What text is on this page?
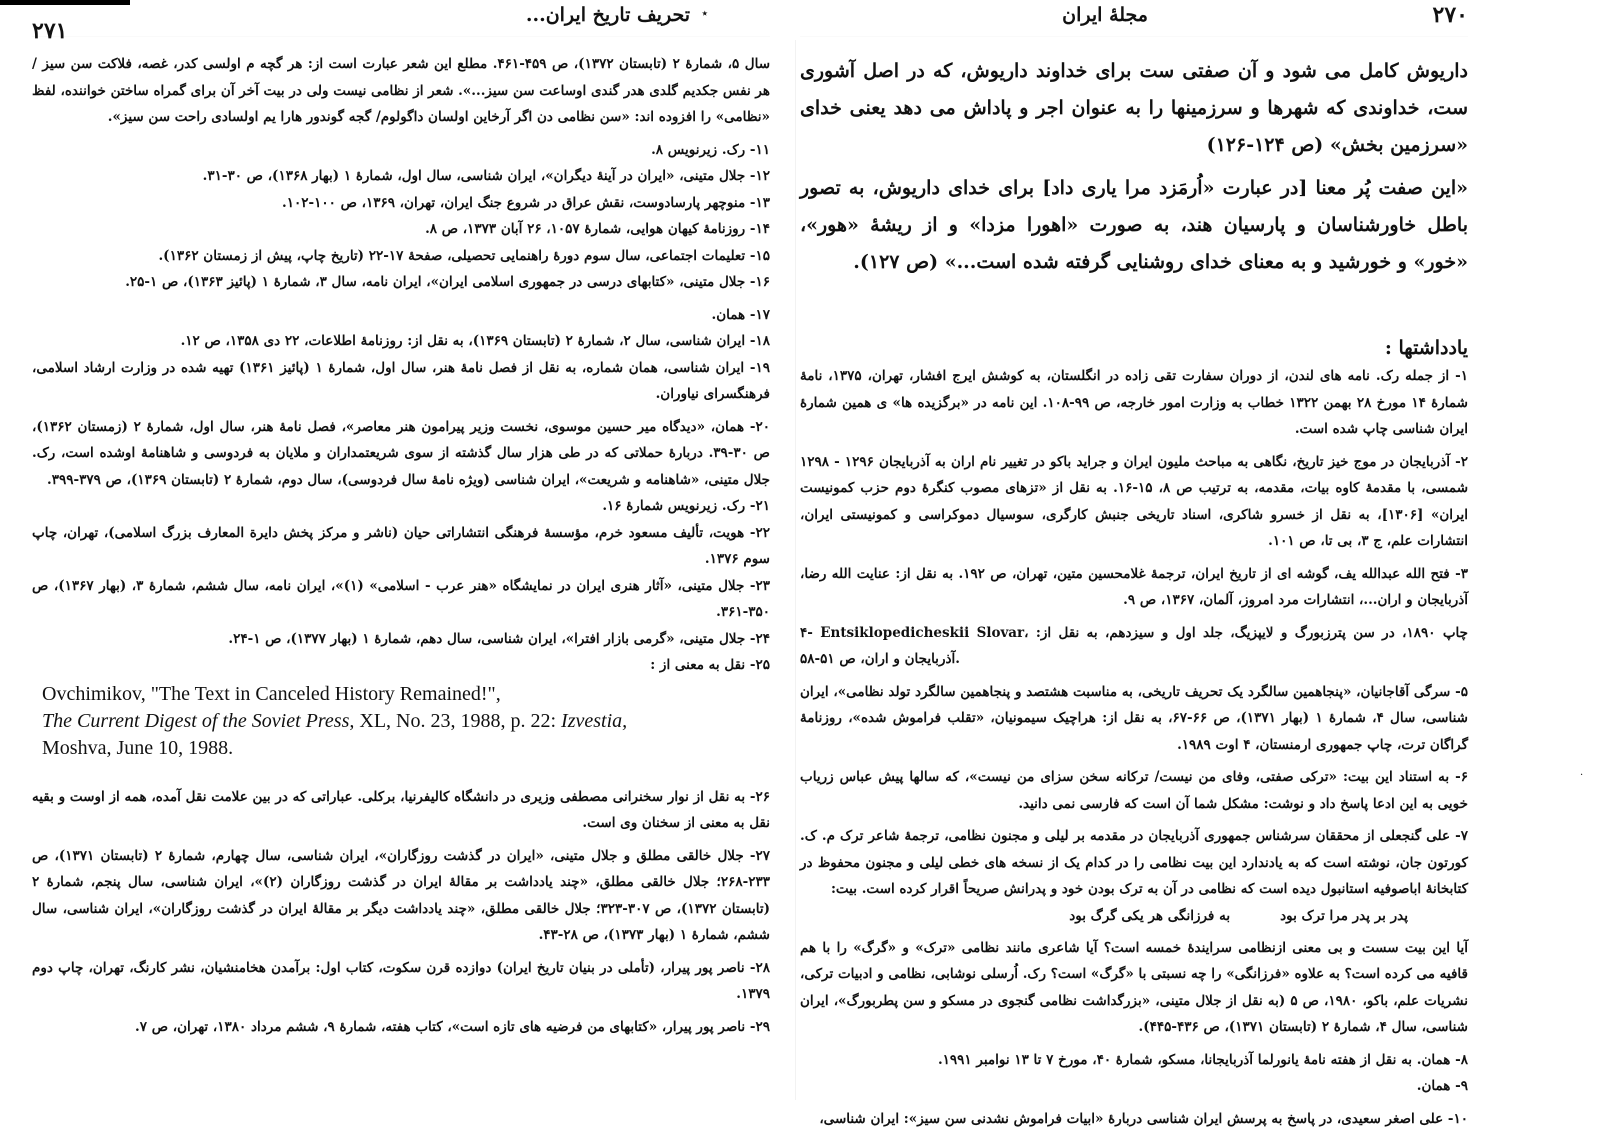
تحریف تاریخ ایران...
۲۷۱

سال ۵، شمارهٔ ۲ (تابستان ۱۳۷۲)، ص ۴۵۹-۴۶۱. مطلع این شعر عبارت است از: هر گچه م اولسی کدر، غصه، فلاکت سن سیز / هر نفس جکدیم گلدی هدر گندی اوساعت سن سیز...». شعر از نظامی نیست ولی در بیت آخر آن برای گمراه ساختن خواننده، لفظ «نظامی» را افزوده اند: «سن نظامی دن اگر آرخاین اولسان داگولوم/ گجه گوندور هارا یم اولسادی راحت سن سیز».

۱۱- رک. زیرنویس ۸.

۱۲- جلال متینی، «ایران در آینهٔ دیگران»، ایران شناسی، سال اول، شمارهٔ ۱ (بهار ۱۳۶۸)، ص ۳۰-۳۱.

۱۳- منوچهر پارسادوست، نقش عراق در شروع جنگ ایران، تهران، ۱۳۶۹، ص ۱۰۰-۱۰۲.

۱۴- روزنامهٔ کیهان هوایی، شمارهٔ ۱۰۵۷، ۲۶ آبان ۱۳۷۳، ص ۸.

۱۵- تعلیمات اجتماعی، سال سوم دورهٔ راهنمایی تحصیلی، صفحهٔ ۱۷-۲۲ (تاریخ چاپ، پیش از زمستان ۱۳۶۲).

۱۶- جلال متینی، «کتابهای درسی در جمهوری اسلامی ایران»، ایران نامه، سال ۳، شمارهٔ ۱ (پائیز ۱۳۶۳)، ص ۱-۲۵.

۱۷- همان.

۱۸- ایران شناسی، سال ۲، شمارهٔ ۲ (تابستان ۱۳۶۹)، به نقل از: روزنامهٔ اطلاعات، ۲۲ دی ۱۳۵۸، ص ۱۲.

۱۹- ایران شناسی، همان شماره، به نقل از فصل نامهٔ هنر، سال اول، شمارهٔ ۱ (پائیز ۱۳۶۱) تهیه شده در وزارت ارشاد اسلامی، فرهنگسرای نیاوران.

۲۰- همان، «دیدگاه میر حسین موسوی، نخست وزیر پیرامون هنر معاصر»، فصل نامهٔ هنر، سال اول، شمارهٔ ۲ (زمستان ۱۳۶۲)، ص ۳۰-۳۹. دربارهٔ حملاتی که در طی هزار سال گذشته از سوی شریعتمداران و ملایان به فردوسی و شاهنامهٔ اوشده است، رک. جلال متینی، «شاهنامه و شریعت»، ایران شناسی (ویژه نامهٔ سال فردوسی)، سال دوم، شمارهٔ ۲ (تابستان ۱۳۶۹)، ص ۳۷۹-۳۹۹.

۲۱- رک. زیرنویس شمارهٔ ۱۶.

۲۲- هویت، تألیف مسعود خرم، مؤسسهٔ فرهنگی انتشاراتی حیان (ناشر و مرکز پخش دایرة المعارف بزرگ اسلامی)، تهران، چاپ سوم ۱۳۷۶.

۲۳- جلال متینی، «آثار هنری ایران در نمایشگاه «هنر عرب - اسلامی» (۱)»، ایران نامه، سال ششم، شمارهٔ ۳، (بهار ۱۳۶۷)، ص ۳۵۰-۳۶۱.

۲۴- جلال متینی، «گرمی بازار افترا»، ایران شناسی، سال دهم، شمارهٔ ۱ (بهار ۱۳۷۷)، ص ۱-۲۴.

۲۵- نقل به معنی از :

Ovchimikov, "The Text in Canceled History Remained!",
The Current Digest of the Soviet Press, XL, No. 23, 1988, p. 22: Izvestia,
Moshva, June 10, 1988.

۲۶- به نقل از نوار سخنرانی مصطفی وزیری در دانشگاه کالیفرنیا، برکلی. عباراتی که در بین علامت نقل آمده، همه از اوست و بقیه نقل به معنی از سخنان وی است.

۲۷- جلال خالقی مطلق و جلال متینی، «ایران در گذشت روزگاران»، ایران شناسی، سال چهارم، شمارهٔ ۲ (تابستان ۱۳۷۱)، ص ۲۳۳-۲۶۸؛ جلال خالقی مطلق، «چند یادداشت بر مقالهٔ ایران در گذشت روزگاران (۲)»، ایران شناسی، سال پنجم، شمارهٔ ۲ (تابستان ۱۳۷۲)، ص ۳۰۷-۳۲۳؛ جلال خالقی مطلق، «چند یادداشت دیگر بر مقالهٔ ایران در گذشت روزگاران»، ایران شناسی، سال ششم، شمارهٔ ۱ (بهار ۱۳۷۳)، ص ۲۸-۴۳.

۲۸- ناصر پور پیرار، (تأملی در بنیان تاریخ ایران) دوازده قرن سکوت، کتاب اول: برآمدن هخامنشیان، نشر کارنگ، تهران، چاپ دوم ۱۳۷۹.

۲۹- ناصر پور پیرار، «کتابهای من فرضیه های تازه است»، کتاب هفته، شمارهٔ ۹، ششم مرداد ۱۳۸۰، تهران، ص ۷.

۲۷۰
مجلهٔ ایران
٭

داریوش کامل می شود و آن صفتی ست برای خداوند داریوش، که در اصل آشوری ست، خداوندی که شهرها و سرزمینها را به عنوان اجر و پاداش می دهد یعنی خدای «سرزمین بخش» (ص ۱۲۴-۱۲۶)

«این صفت پُر معنا [در عبارت «اُرمَزد مرا یاری داد] برای خدای داریوش، به تصور باطل خاورشناسان و پارسیان هند، به صورت «اهورا مزدا» و از ریشهٔ «هور»، «خور» و خورشید و به معنای خدای روشنایی گرفته شده است...» (ص ۱۲۷).

یادداشتها :

۱- از جمله رک. نامه های لندن، از دوران سفارت تقی زاده در انگلستان، به کوشش ایرج افشار، تهران، ۱۳۷۵، نامهٔ شمارهٔ ۱۴ مورخ ۲۸ بهمن ۱۳۲۲ خطاب به وزارت امور خارجه، ص ۹۹-۱۰۸. این نامه در «برگزیده ها» ی همین شمارهٔ ایران شناسی چاپ شده است.

۲- آذربایجان در موج خیز تاریخ، نگاهی به مباحث ملیون ایران و جراید باکو در تغییر نام اران به آذربایجان ۱۲۹۶ - ۱۲۹۸ شمسی، با مقدمهٔ کاوه بیات، مقدمه، به ترتیب ص ۸، ۱۵-۱۶. به نقل از «تزهای مصوب کنگرهٔ دوم حزب کمونیست ایران» [۱۳۰۶]، به نقل از خسرو شاکری، اسناد تاریخی جنبش کارگری، سوسیال دموکراسی و کمونیستی ایران، انتشارات علم، ج ۳، بی تا، ص ۱۰۱.

۳- فتح الله عبدالله یف، گوشه ای از تاریخ ایران، ترجمهٔ غلامحسین متین، تهران، ص ۱۹۲. به نقل از: عنایت الله رضا، آذربایجان و اران...، انتشارات مرد امروز، آلمان، ۱۳۶۷، ص ۹.

۴- Entsiklopedicheskii Slovar، چاپ ۱۸۹۰، در سن پترزبورگ و لایپزیگ، جلد اول و سیزدهم، به نقل از: آذربایجان و اران، ص ۵۱-۵۸.

۵- سرگی آقاجانیان، «پنجاهمین سالگرد یک تحریف تاریخی، به مناسبت هشتصد و پنجاهمین سالگرد تولد نظامی»، ایران شناسی، سال ۴، شمارهٔ ۱ (بهار ۱۳۷۱)، ص ۶۶-۶۷، به نقل از: هراچیک سیمونیان، «تقلب فراموش شده»، روزنامهٔ گراگان ترت، چاپ جمهوری ارمنستان، ۴ اوت ۱۹۸۹.

۶- به استناد این بیت: «ترکی صفتی، وفای من نیست/ ترکانه سخن سزای من نیست»، که سالها پیش عباس زریاب خویی به این ادعا پاسخ داد و نوشت: مشکل شما آن است که فارسی نمی دانید.

۷- علی گنجعلی از محققان سرشناس جمهوری آذربایجان در مقدمه بر لیلی و مجنون نظامی، ترجمهٔ شاعر ترک م. ک. کورتون جان، نوشته است که به یادندارد این بیت نظامی را در کدام یک از نسخه های خطی لیلی و مجنون محفوظ در کتابخانهٔ اباصوفیه استانبول دیده است که نظامی در آن به ترک بودن خود و پدرانش صریحاً اقرار کرده است. بیت:

پدر بر پدر مرا ترک بود
به فرزانگی هر یکی گرگ بود

آیا این بیت سست و بی معنی ازنظامی سرایندهٔ خمسه است؟ آیا شاعری مانند نظامی «ترک» و «گرگ» را با هم قافیه می کرده است؟ به علاوه «فرزانگی» را چه نسبتی با «گرگ» است؟ رک. اُرسلی نوشابی، نظامی و ادبیات ترکی، نشریات علم، باکو، ۱۹۸۰، ص ۵ (به نقل از جلال متینی، «بزرگداشت نظامی گنجوی در مسکو و سن پطربورگ»، ایران شناسی، سال ۴، شمارهٔ ۲ (تابستان ۱۳۷۱)، ص ۴۳۶-۴۴۵).

۸- همان. به نقل از هفته نامهٔ یانورلما آذربایجانا، مسکو، شمارهٔ ۴۰، مورخ ۷ تا ۱۳ نوامبر ۱۹۹۱.

۹- همان.

۱۰- علی اصغر سعیدی، در پاسخ به پرسش ایران شناسی دربارهٔ «ابیات فراموش نشدنی سن سیز»: ایران شناسی،

·
